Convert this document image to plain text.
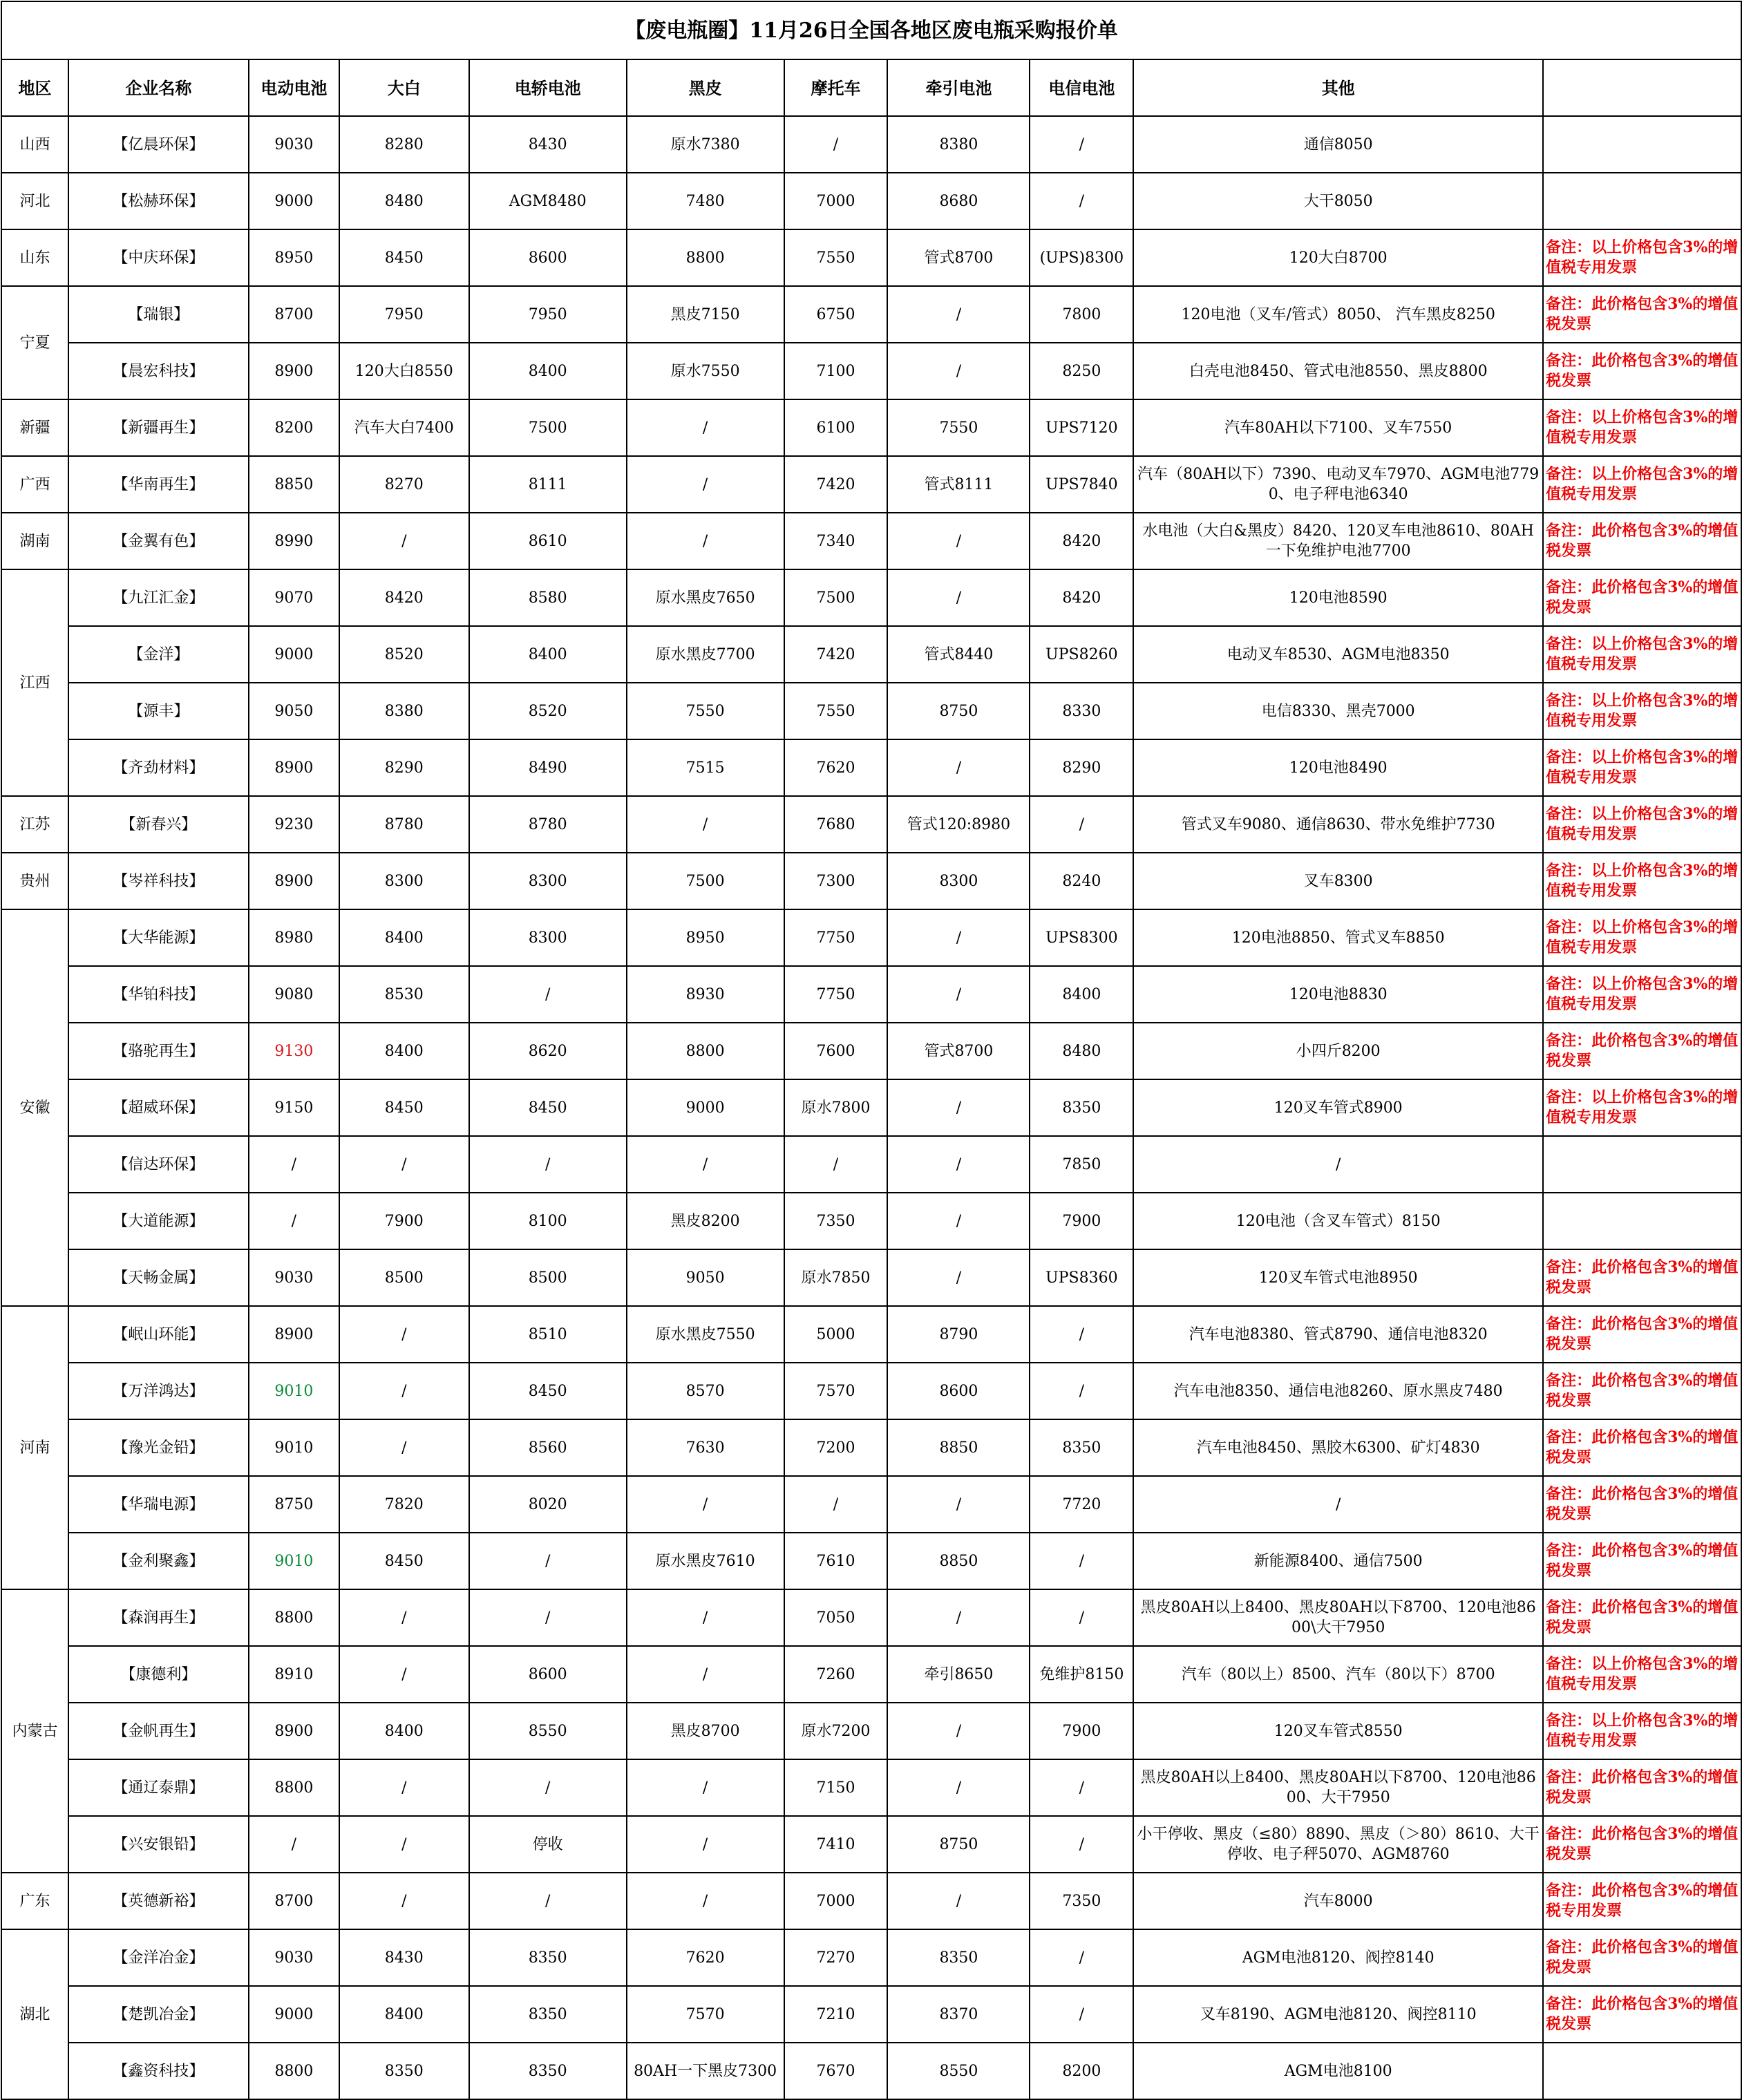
【废电瓶圈】11月26日全国各地区废电瓶采购报价单										
地区	企业名称	电动电池	大白	电轿电池	黑皮	摩托车	牵引电池	电信电池	其他	
山西	【亿晨环保】	9030	8280	8430	原水7380	/	8380	/	通信8050	
河北	【松赫环保】	9000	8480	AGM8480	7480	7000	8680	/	大干8050	
山东	【中庆环保】	8950	8450	8600	8800	7550	管式8700	(UPS)8300	120大白8700	备注：以上价格包含3%的增值税专用发票
宁夏	【瑞银】	8700	7950	7950	黑皮7150	6750	/	7800	120电池（叉车/管式）8050、 汽车黑皮8250	备注：此价格包含3%的增值税发票
	【晨宏科技】	8900	120大白8550	8400	原水7550	7100	/	8250	白壳电池8450、管式电池8550、黑皮8800	备注：此价格包含3%的增值税发票
新疆	【新疆再生】	8200	汽车大白7400	7500	/	6100	7550	UPS7120	汽车80AH以下7100、叉车7550	备注：以上价格包含3%的增值税专用发票
广西	【华南再生】	8850	8270	8111	/	7420	管式8111	UPS7840	汽车（80AH以下）7390、电动叉车7970、AGM电池7790、电子秤电池6340	备注：以上价格包含3%的增值税专用发票
湖南	【金翼有色】	8990	/	8610	/	7340	/	8420	水电池（大白&黑皮）8420、120叉车电池8610、80AH一下免维护电池7700	备注：此价格包含3%的增值税发票
江西	【九江汇金】	9070	8420	8580	原水黑皮7650	7500	/	8420	120电池8590	备注：此价格包含3%的增值税发票
	【金洋】	9000	8520	8400	原水黑皮7700	7420	管式8440	UPS8260	电动叉车8530、AGM电池8350	备注：以上价格包含3%的增值税专用发票
	【源丰】	9050	8380	8520	7550	7550	8750	8330	电信8330、黑壳7000	备注：以上价格包含3%的增值税专用发票
	【齐劲材料】	8900	8290	8490	7515	7620	/	8290	120电池8490	备注：以上价格包含3%的增值税专用发票
江苏	【新春兴】	9230	8780	8780	/	7680	管式120:8980	/	管式叉车9080、通信8630、带水免维护7730	备注：以上价格包含3%的增值税专用发票
贵州	【岑祥科技】	8900	8300	8300	7500	7300	8300	8240	叉车8300	备注：以上价格包含3%的增值税专用发票
安徽	【大华能源】	8980	8400	8300	8950	7750	/	UPS8300	120电池8850、管式叉车8850	备注：以上价格包含3%的增值税专用发票
	【华铂科技】	9080	8530	/	8930	7750	/	8400	120电池8830	备注：以上价格包含3%的增值税专用发票
	【骆驼再生】	9130	8400	8620	8800	7600	管式8700	8480	小四斤8200	备注：此价格包含3%的增值税发票
	【超威环保】	9150	8450	8450	9000	原水7800	/	8350	120叉车管式8900	备注：以上价格包含3%的增值税专用发票
	【信达环保】	/	/	/	/	/	/	7850	/	
	【大道能源】	/	7900	8100	黑皮8200	7350	/	7900	120电池（含叉车管式）8150	
	【天畅金属】	9030	8500	8500	9050	原水7850	/	UPS8360	120叉车管式电池8950	备注：此价格包含3%的增值税发票
河南	【岷山环能】	8900	/	8510	原水黑皮7550	5000	8790	/	汽车电池8380、管式8790、通信电池8320	备注：此价格包含3%的增值税发票
	【万洋鸿达】	9010	/	8450	8570	7570	8600	/	汽车电池8350、通信电池8260、原水黑皮7480	备注：此价格包含3%的增值税发票
	【豫光金铅】	9010	/	8560	7630	7200	8850	8350	汽车电池8450、黑胶木6300、矿灯4830	备注：此价格包含3%的增值税发票
	【华瑞电源】	8750	7820	8020	/	/	/	7720	/	备注：此价格包含3%的增值税发票
	【金利聚鑫】	9010	8450	/	原水黑皮7610	7610	8850	/	新能源8400、通信7500	备注：此价格包含3%的增值税发票
内蒙古	【森润再生】	8800	/	/	/	7050	/	/	黑皮80AH以上8400、黑皮80AH以下8700、120电池8600\大干7950	备注：此价格包含3%的增值税发票
	【康德利】	8910	/	8600	/	7260	牵引8650	免维护8150	汽车（80以上）8500、汽车（80以下）8700	备注：以上价格包含3%的增值税专用发票
	【金帆再生】	8900	8400	8550	黑皮8700	原水7200	/	7900	120叉车管式8550	备注：以上价格包含3%的增值税专用发票
	【通辽泰鼎】	8800	/	/	/	7150	/	/	黑皮80AH以上8400、黑皮80AH以下8700、120电池8600、大干7950	备注：此价格包含3%的增值税发票
	【兴安银铅】	/	/	停收	/	7410	8750	/	小干停收、黑皮（≤80）8890、黑皮（＞80）8610、大干停收、电子秤5070、AGM8760	备注：此价格包含3%的增值税发票
广东	【英德新裕】	8700	/	/	/	7000	/	7350	汽车8000	备注：此价格包含3%的增值税专用发票
湖北	【金洋冶金】	9030	8430	8350	7620	7270	8350	/	AGM电池8120、阀控8140	备注：此价格包含3%的增值税发票
	【楚凯冶金】	9000	8400	8350	7570	7210	8370	/	叉车8190、AGM电池8120、阀控8110	备注：此价格包含3%的增值税发票
	【鑫资科技】	8800	8350	8350	80AH一下黑皮7300	7670	8550	8200	AGM电池8100	
